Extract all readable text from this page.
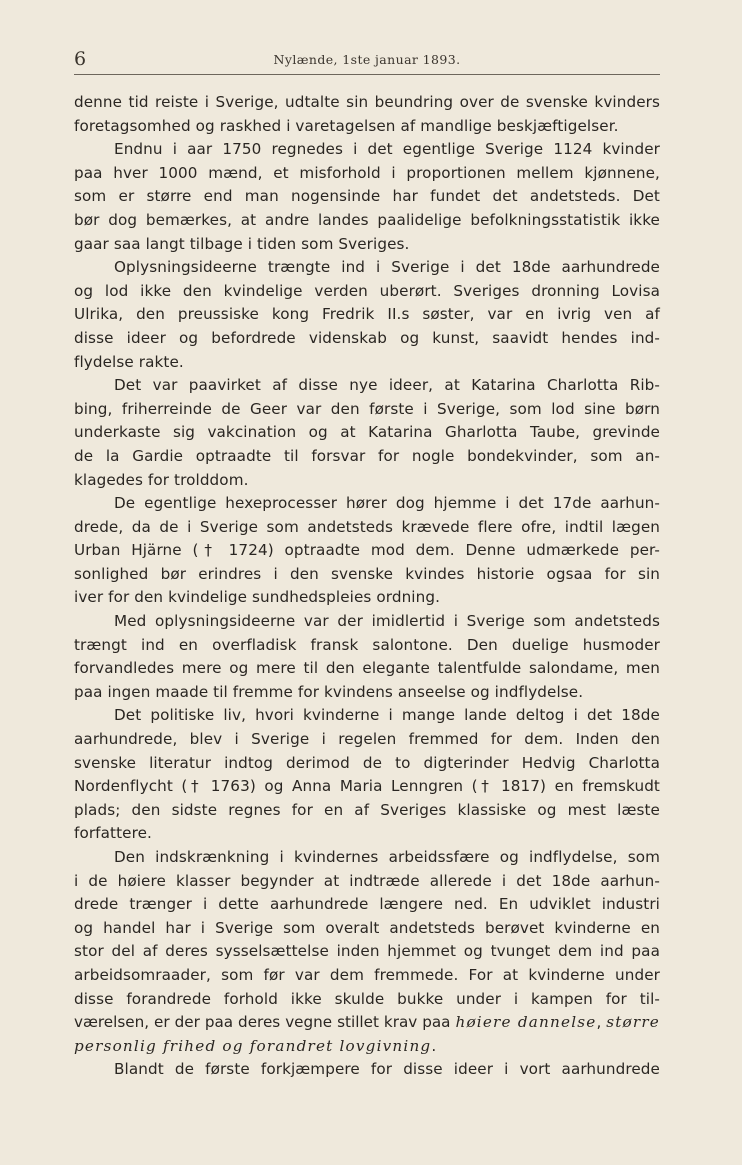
6	Nylænde, 1ste januar 1893.
denne tid reiste i Sverige, udtalte sin beundring over de svenske kvinders
foretagsomhed og raskhed i varetagelsen af mandlige beskjæftigelser.
Endnu i aar 1750 regnedes i det egentlige Sverige 1124 kvinder
paa hver 1000 mænd, et misforhold i proportionen mellem kjønnene,
som er større end man nogensinde har fundet det andetsteds. Det
bør dog bemærkes, at andre landes paalidelige befolkningsstatistik ikke
gaar saa langt tilbage i tiden som Sveriges.
Oplysningsideerne trængte ind i Sverige i det 18de aarhundrede
og lod ikke den kvindelige verden uberørt. Sveriges dronning Lovisa
Ulrika, den preussiske kong Fredrik II.s søster, var en ivrig ven af
disse ideer og befordrede videnskab og kunst, saavidt hendes ind-
flydelse rakte.
Det var paavirket af disse nye ideer, at Katarina Charlotta Rib-
bing, friherreinde de Geer var den første i Sverige, som lod sine børn
underkaste sig vakcination og at Katarina Gharlotta Taube, grevinde
de la Gardie optraadte til forsvar for nogle bondekvinder, som an-
klagedes for trolddom.
De egentlige hexeprocesser hører dog hjemme i det 17de aarhun-
drede, da de i Sverige som andetsteds krævede flere ofre, indtil lægen
Urban Hjärne († 1724) optraadte mod dem. Denne udmærkede per-
sonlighed bør erindres i den svenske kvindes historie ogsaa for sin
iver for den kvindelige sundhedspleies ordning.
Med oplysningsideerne var der imidlertid i Sverige som andetsteds
trængt ind en overfladisk fransk salontone. Den duelige husmoder
forvandledes mere og mere til den elegante talentfulde salondame, men
paa ingen maade til fremme for kvindens anseelse og indflydelse.
Det politiske liv, hvori kvinderne i mange lande deltog i det 18de
aarhundrede, blev i Sverige i regelen fremmed for dem. Inden den
svenske literatur indtog derimod de to digterinder Hedvig Charlotta
Nordenflycht († 1763) og Anna Maria Lenngren († 1817) en fremskudt
plads; den sidste regnes for en af Sveriges klassiske og mest læste
forfattere.
Den indskrænkning i kvindernes arbeidssfære og indflydelse, som
i de høiere klasser begynder at indtræde allerede i det 18de aarhun-
drede trænger i dette aarhundrede længere ned. En udviklet industri
og handel har i Sverige som overalt andetsteds berøvet kvinderne en
stor del af deres sysselsættelse inden hjemmet og tvunget dem ind paa
arbeidsomraader, som før var dem fremmede. For at kvinderne under
disse forandrede forhold ikke skulde bukke under i kampen for til-
værelsen, er der paa deres vegne stillet krav paa høiere dannelse, større
personlig frihed og forandret lovgivning.
Blandt de første forkjæmpere for disse ideer i vort aarhundrede
